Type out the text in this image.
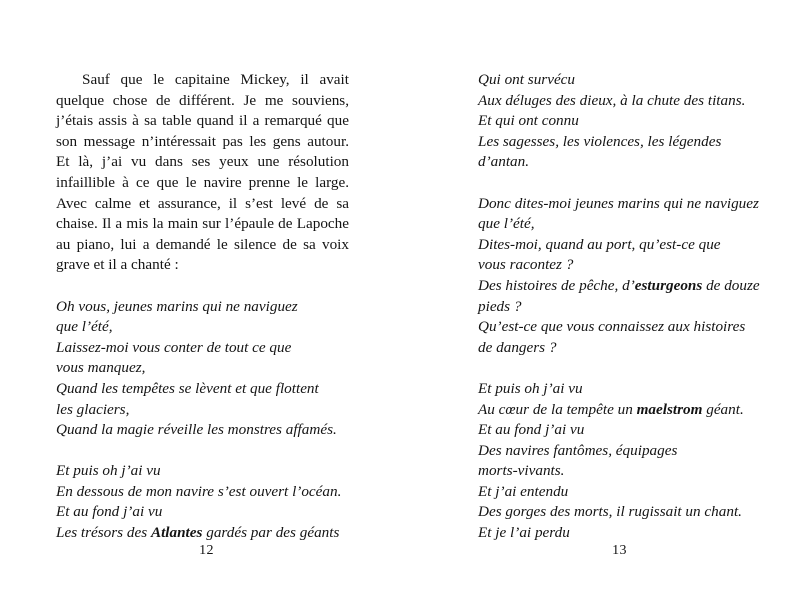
Sauf que le capitaine Mickey, il avait quelque chose de différent. Je me souviens, j’étais assis à sa table quand il a remarqué que son message n’intéressait pas les gens autour. Et là, j’ai vu dans ses yeux une résolution infaillible à ce que le navire prenne le large. Avec calme et assurance, il s’est levé de sa chaise. Il a mis la main sur l’épaule de Lapoche au piano, lui a demandé le silence de sa voix grave et il a chanté :

Oh vous, jeunes marins qui ne naviguez
que l’été,
Laissez-moi vous conter de tout ce que
vous manquez,
Quand les tempêtes se lèvent et que flottent
les glaciers,
Quand la magie réveille les monstres affamés.

Et puis oh j’ai vu
En dessous de mon navire s’est ouvert l’océan.
Et au fond j’ai vu
Les trésors des Atlantes gardés par des géants

12

Qui ont survécu
Aux déluges des dieux, à la chute des titans.
Et qui ont connu
Les sagesses, les violences, les légendes
d’antan.

Donc dites-moi jeunes marins qui ne naviguez
que l’été,
Dites-moi, quand au port, qu’est-ce que
vous racontez ?
Des histoires de pêche, d’esturgeons de douze
pieds ?
Qu’est-ce que vous connaissez aux histoires
de dangers ?

Et puis oh j’ai vu
Au cœur de la tempête un maelstrom géant.
Et au fond j’ai vu
Des navires fantômes, équipages
morts-vivants.
Et j’ai entendu
Des gorges des morts, il rugissait un chant.
Et je l’ai perdu

13
